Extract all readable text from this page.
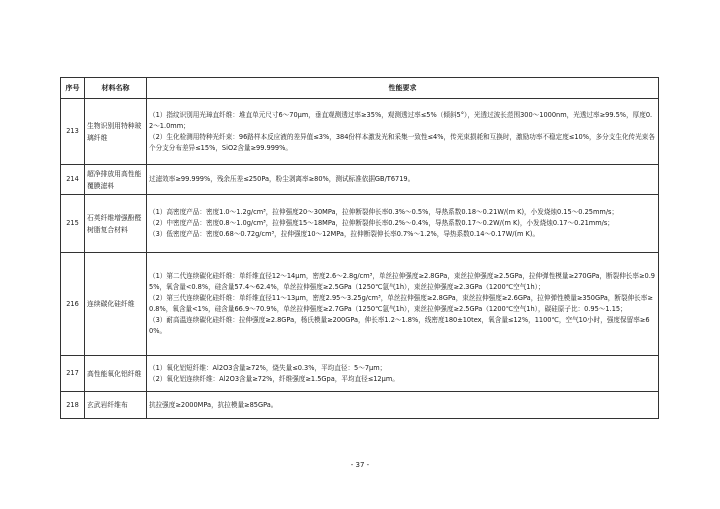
序号	材料名称	性能要求
213	生物识别用特种玻璃纤维	（1）指纹识别用光璋直纤维：堆直单元尺寸6～70μm，垂直观测透过率≥35%，观测透过率≤5%（倾斜5°），光透过波长范围300～1000nm，光透过率≥99.5%，厚度0.2～1.0mm；

（2）生化检测用特种光纤束：96路样本反应液的差异值≤3%，384份样本激发光和采集一致性≤4%，传光束损耗和互换时，激励功率不稳定度≤10%，多分支生化传光束各个分支分布差异≤15%，SiO2含量≥99.999%。

214	超净排放用高性能覆膜滤料	过滤效率≥99.999%，残余压差≤250Pa，粉尘剥离率≥80%，测试标准依据GB/T6719。

215	石英纤维增强酚醛树脂复合材料	（1）高密度产品：密度1.0～1.2g/cm³，拉伸强度20～30MPa，拉伸断裂伸长率0.3%～0.5%，导热系数0.18～0.21W/(m K)，小发烧烛0.15～0.25mm/s；

（2）中密度产品：密度0.8～1.0g/cm³，拉伸强度15～18MPa，拉伸断裂伸长率0.2%～0.4%，导热系数0.17～0.2W/(m K)，小发烧烛0.17～0.21mm/s；

（3）低密度产品：密度0.68～0.72g/cm³，拉伸强度10～12MPa，拉伸断裂伸长率0.7%～1.2%，导热系数0.14～0.17W/(m K)。

216	连续碳化硅纤维	（1）第二代连续碳化硅纤维：单纤维直径12～14μm，密度2.6～2.8g/cm³，单丝拉伸强度≥2.8GPa，束丝拉伸强度≥2.5GPa，拉伸弹性模量≥270GPa，断裂伸长率≥0.95%，氧含量<0.8%，硅含量57.4～62.4%，单丝拉伸强度≥2.5GPa（1250℃氩气1h），束丝拉伸强度≥2.3GPa（1200℃空气1h）；

（2）第三代连续碳化硅纤维：单纤维直径11～13μm，密度2.95～3.25g/cm³，单丝拉伸强度≥2.8GPa，束丝拉伸强度≥2.6GPa，拉伸弹性模量≥350GPa，断裂伸长率≥0.8%，氧含量<1%，硅含量66.9～70.9%，单丝拉伸强度≥2.7GPa（1250℃氩气1h），束丝拉伸强度≥2.5GPa（1200℃空气1h），碳硅原子比：0.95～1.15；

（3）耐高温连续碳化硅纤维：拉伸强度≥2.8GPa，杨氏模量≥200GPa，伸长率1.2～1.8%，线密度180±10tex，氧含量≤12%，1100℃，空气10小时，强度保留率≥60%。

217	高性能氧化铝纤维	（1）氧化铝短纤维：Al2O3含量≥72%，烧失量≤0.3%，平均直径：5～7μm；

（2）氧化铝连续纤维：Al2O3含量≥72%，纤维强度≥1.5Gpa，平均直径≤12μm。

218	玄武岩纤维布	抗拉强度≥2000MPa，抗拉模量≥85GPa。

- 37 -
